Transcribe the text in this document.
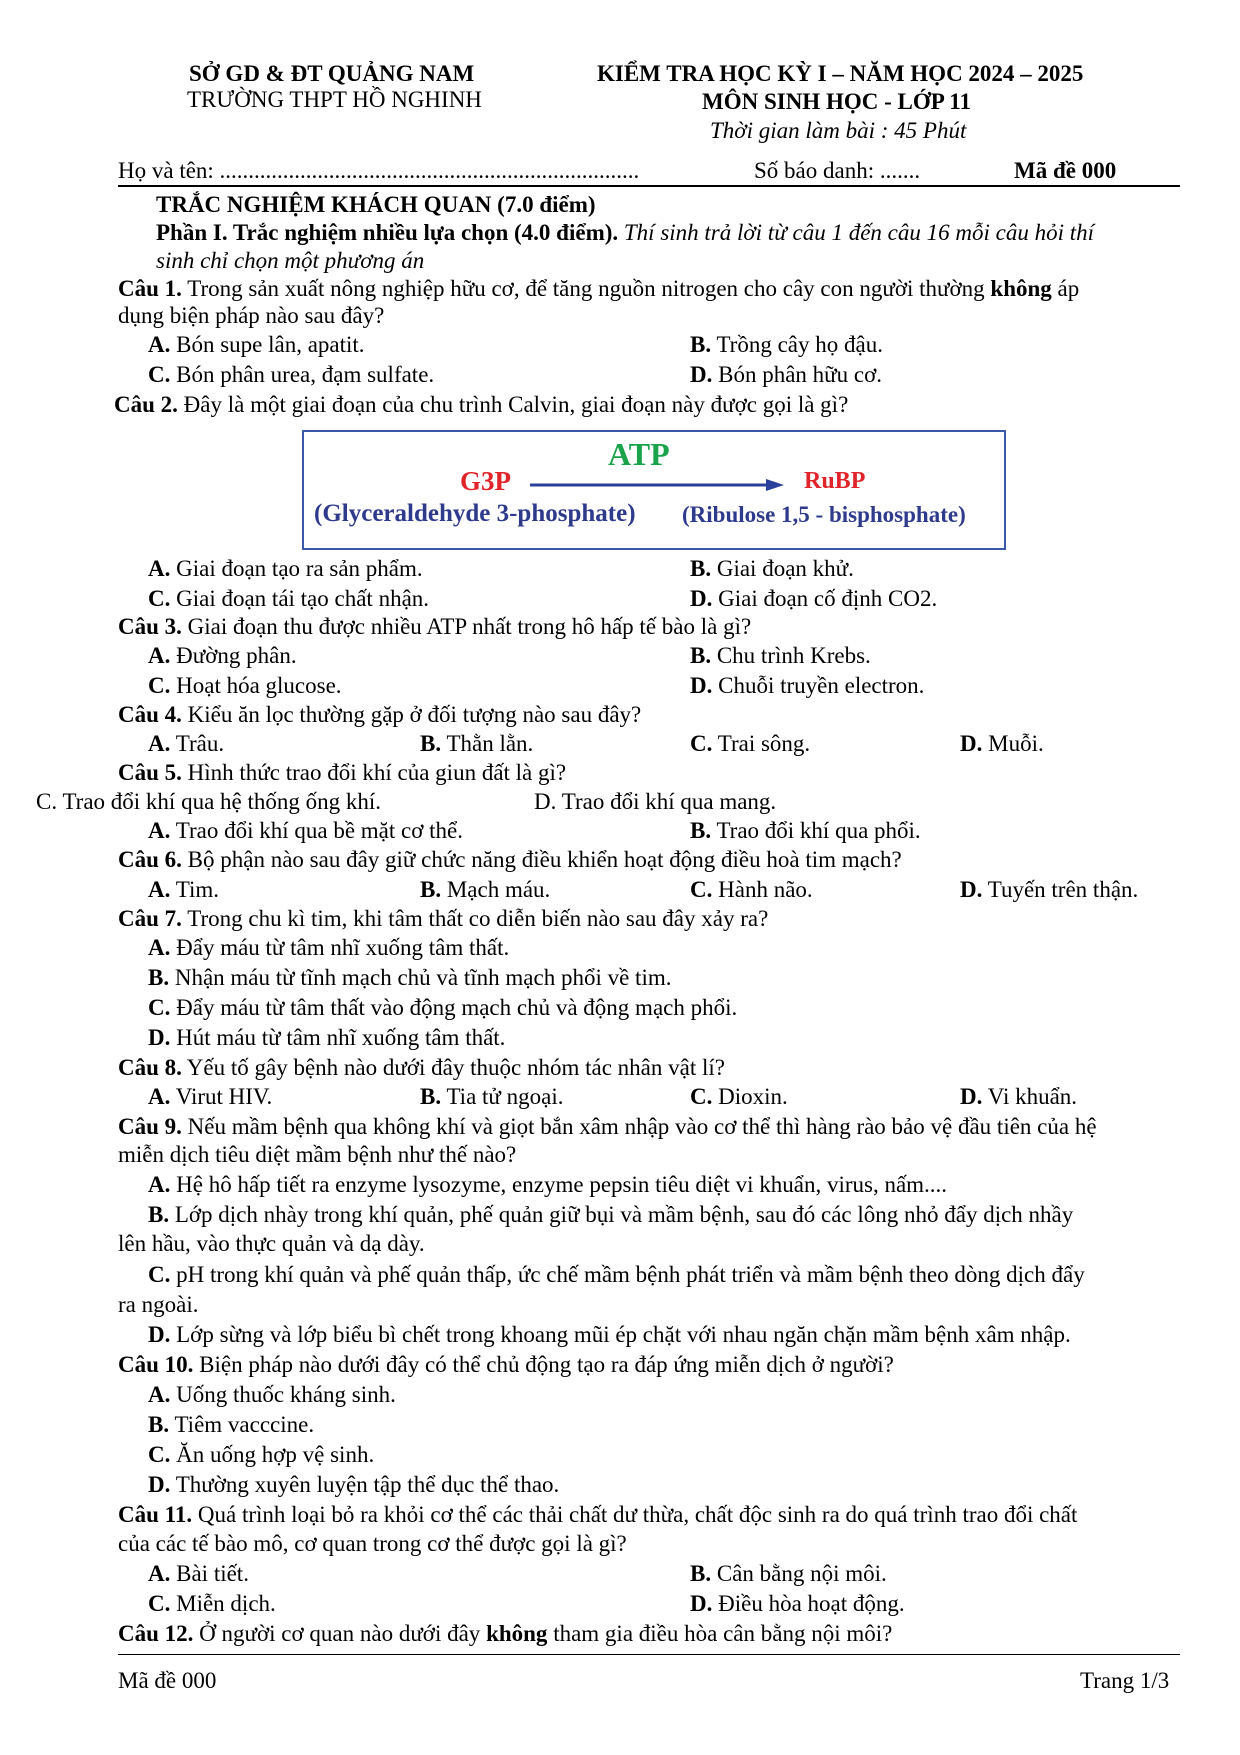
SỞ GD & ĐT QUẢNG NAM
TRƯỜNG THPT HỒ NGHINH
KIỂM TRA HỌC KỲ I – NĂM HỌC 2024 – 2025
MÔN SINH HỌC - LỚP 11
Thời gian làm bài : 45 Phút
Họ và tên: .........................................................................	Số báo danh: .......	Mã đề 000
TRẮC NGHIỆM KHÁCH QUAN (7.0 điểm)
Phần I. Trắc nghiệm nhiều lựa chọn (4.0 điểm). Thí sinh trả lời từ câu 1 đến câu 16 mỗi câu hỏi thí
sinh chỉ chọn một phương án
Câu 1. Trong sản xuất nông nghiệp hữu cơ, để tăng nguồn nitrogen cho cây con người thường không áp
dụng biện pháp nào sau đây?
A. Bón supe lân, apatit.	B. Trồng cây họ đậu.
C. Bón phân urea, đạm sulfate.	D. Bón phân hữu cơ.
Câu 2. Đây là một giai đoạn của chu trình Calvin, giai đoạn này được gọi là gì?
G3P
ATP
RuBP
(Glyceraldehyde 3-phosphate) (Ribulose 1,5 - bisphosphate)
A. Giai đoạn tạo ra sản phẩm.	B. Giai đoạn khử.
C. Giai đoạn tái tạo chất nhận.	D. Giai đoạn cố định CO2.
Câu 3. Giai đoạn thu được nhiều ATP nhất trong hô hấp tế bào là gì?
A. Đường phân.	B. Chu trình Krebs.
C. Hoạt hóa glucose.	D. Chuỗi truyền electron.
Câu 4. Kiểu ăn lọc thường gặp ở đối tượng nào sau đây?
A. Trâu.	B. Thằn lằn.	C. Trai sông.	D. Muỗi.
Câu 5. Hình thức trao đổi khí của giun đất là gì?
C. Trao đổi khí qua hệ thống ống khí.	D. Trao đổi khí qua mang.
A. Trao đổi khí qua bề mặt cơ thể.	B. Trao đổi khí qua phổi.
Câu 6. Bộ phận nào sau đây giữ chức năng điều khiển hoạt động điều hoà tim mạch?
A. Tim.	B. Mạch máu.	C. Hành não.	D. Tuyến trên thận.
Câu 7. Trong chu kì tim, khi tâm thất co diễn biến nào sau đây xảy ra?
A. Đẩy máu từ tâm nhĩ xuống tâm thất.
B. Nhận máu từ tĩnh mạch chủ và tĩnh mạch phổi về tim.
C. Đẩy máu từ tâm thất vào động mạch chủ và động mạch phổi.
D. Hút máu từ tâm nhĩ xuống tâm thất.
Câu 8. Yếu tố gây bệnh nào dưới đây thuộc nhóm tác nhân vật lí?
A. Virut HIV.	B. Tia tử ngoại.	C. Dioxin.	D. Vi khuẩn.
Câu 9. Nếu mầm bệnh qua không khí và giọt bắn xâm nhập vào cơ thể thì hàng rào bảo vệ đầu tiên của hệ
miễn dịch tiêu diệt mầm bệnh như thế nào?
A. Hệ hô hấp tiết ra enzyme lysozyme, enzyme pepsin tiêu diệt vi khuẩn, virus, nấm....
B. Lớp dịch nhày trong khí quản, phế quản giữ bụi và mầm bệnh, sau đó các lông nhỏ đẩy dịch nhầy
lên hầu, vào thực quản và dạ dày.
C. pH trong khí quản và phế quản thấp, ức chế mầm bệnh phát triển và mầm bệnh theo dòng dịch đẩy
ra ngoài.
D. Lớp sừng và lớp biểu bì chết trong khoang mũi ép chặt với nhau ngăn chặn mầm bệnh xâm nhập.
Câu 10. Biện pháp nào dưới đây có thể chủ động tạo ra đáp ứng miễn dịch ở người?
A. Uống thuốc kháng sinh.
B. Tiêm vacccine.
C. Ăn uống hợp vệ sinh.
D. Thường xuyên luyện tập thể dục thể thao.
Câu 11. Quá trình loại bỏ ra khỏi cơ thể các thải chất dư thừa, chất độc sinh ra do quá trình trao đổi chất
của các tế bào mô, cơ quan trong cơ thể được gọi là gì?
A. Bài tiết.	B. Cân bằng nội môi.
C. Miễn dịch.	D. Điều hòa hoạt động.
Câu 12. Ở người cơ quan nào dưới đây không tham gia điều hòa cân bằng nội môi?
Mã đề 000	Trang 1/3
